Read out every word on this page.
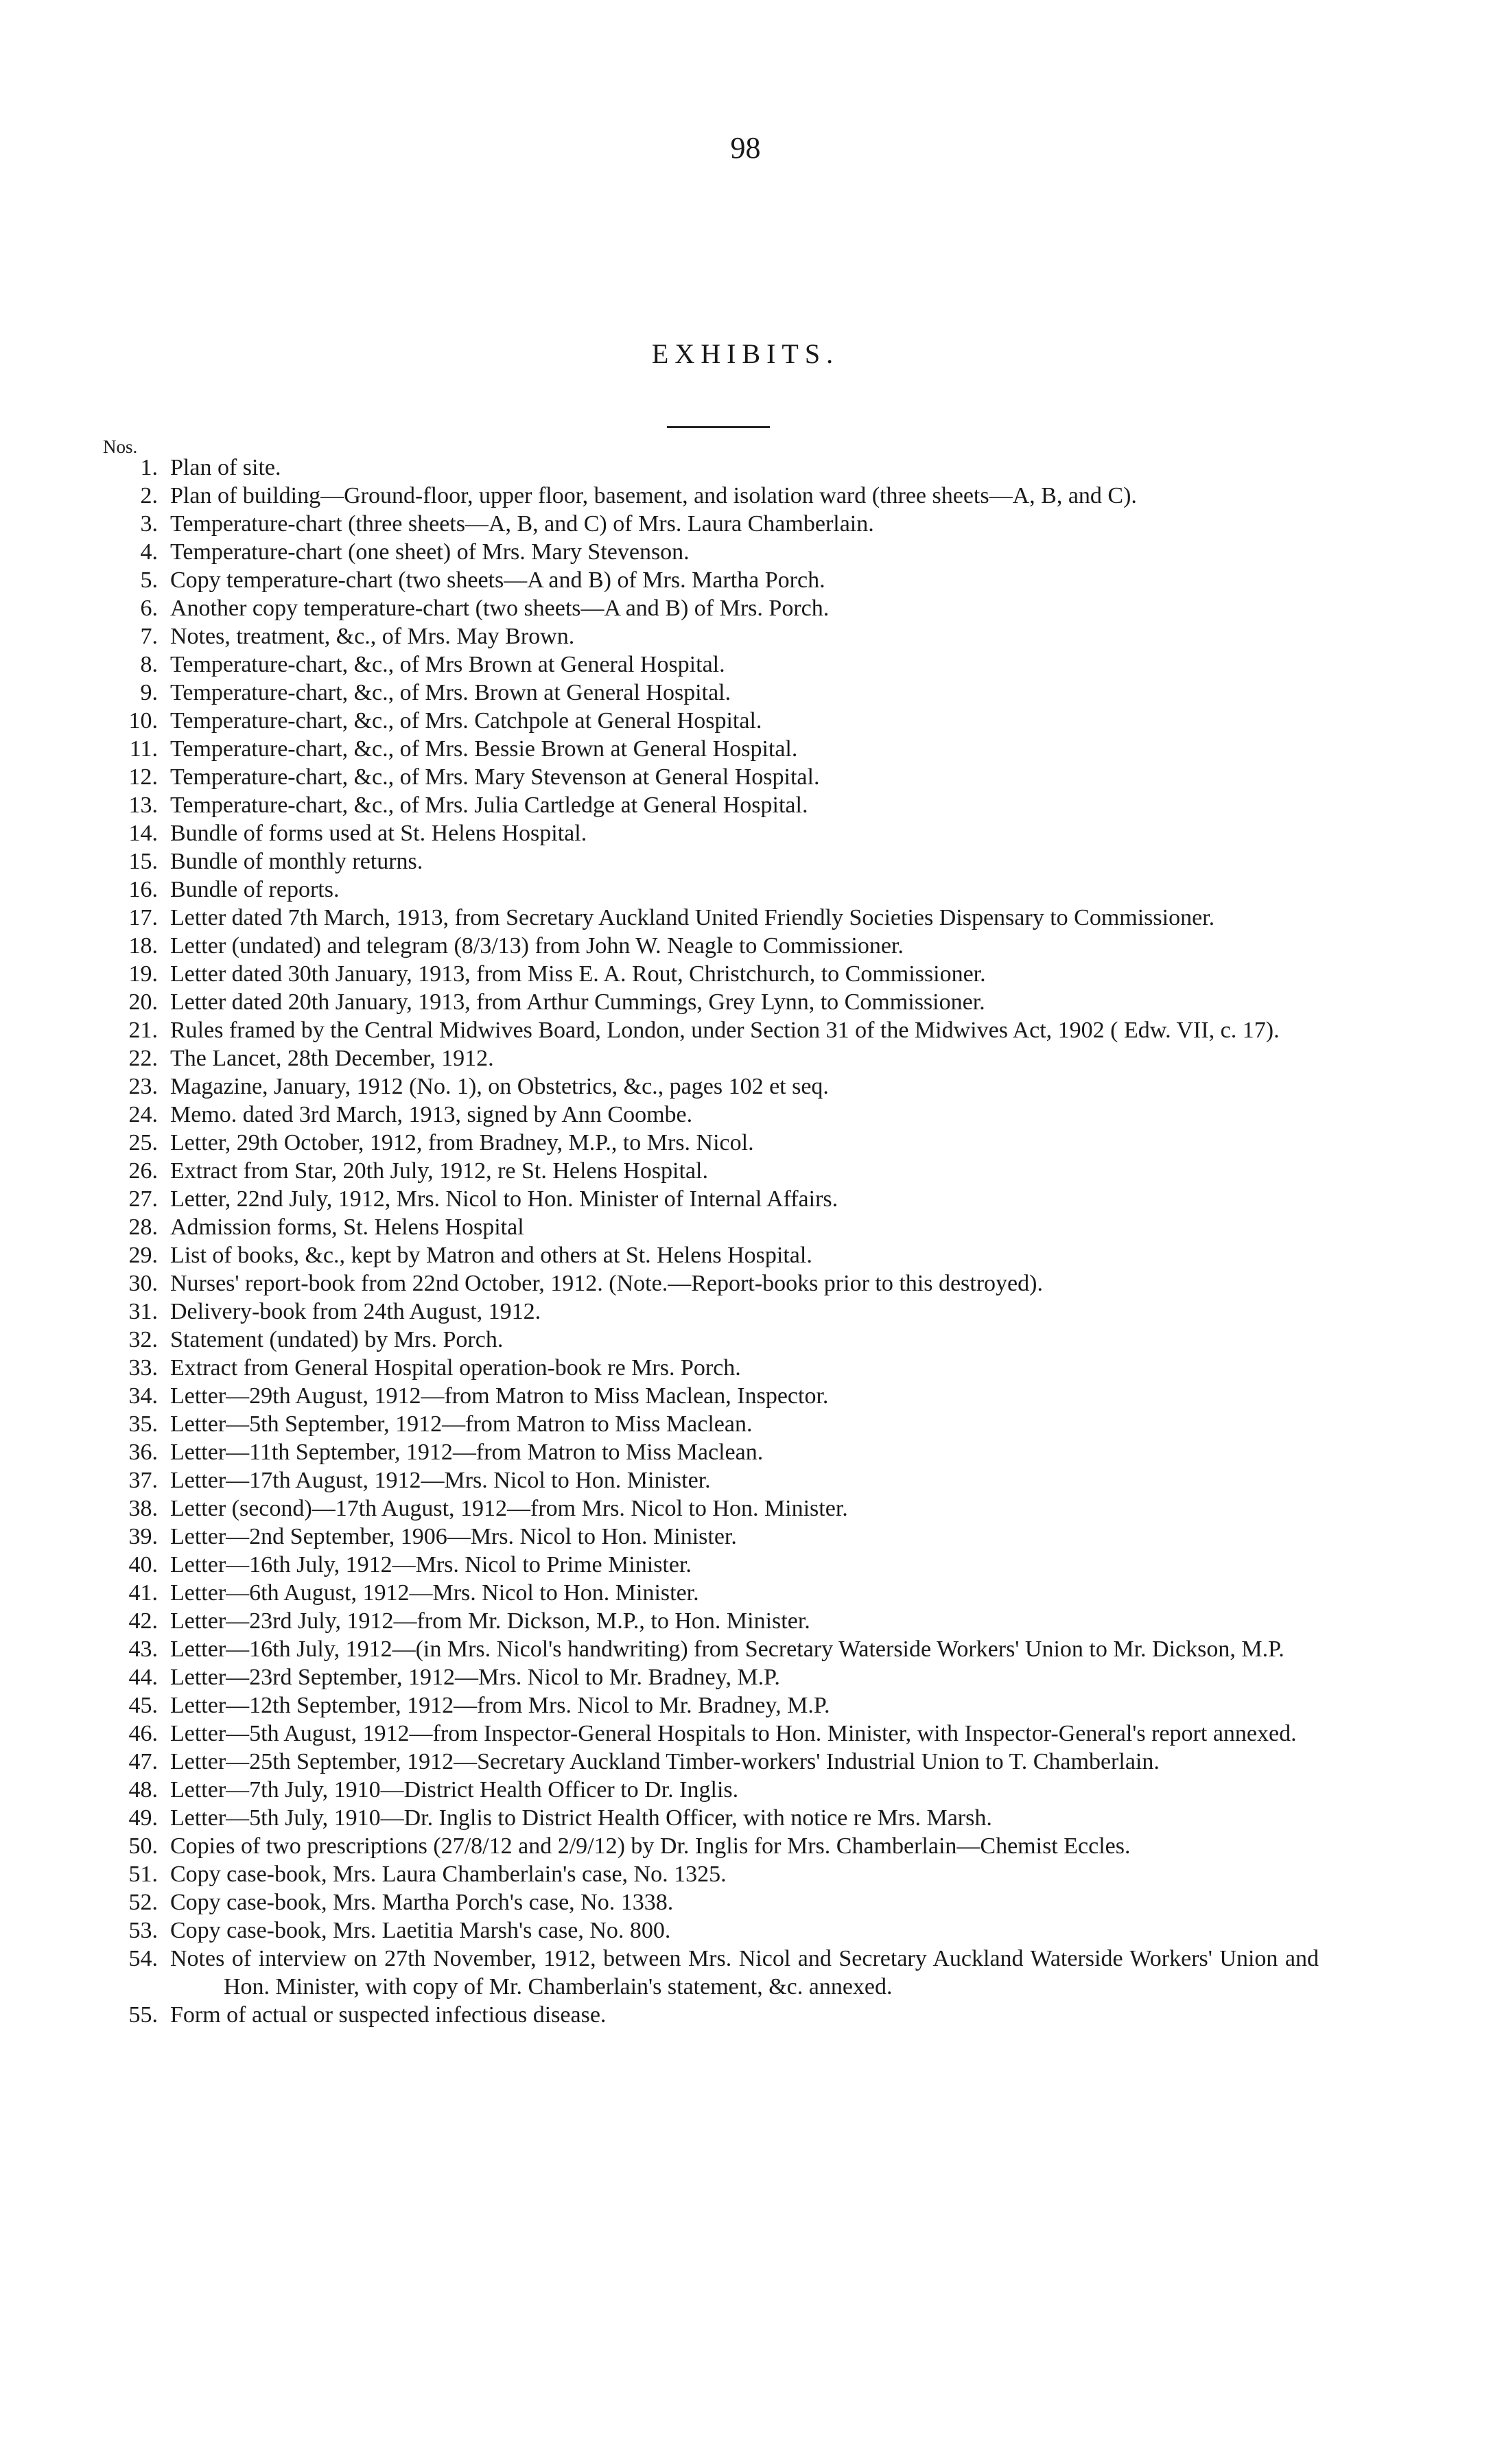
98
EXHIBITS.
Nos.
1. Plan of site.
2. Plan of building—Ground-floor, upper floor, basement, and isolation ward (three sheets—A, B, and C).
3. Temperature-chart (three sheets—A, B, and C) of Mrs. Laura Chamberlain.
4. Temperature-chart (one sheet) of Mrs. Mary Stevenson.
5. Copy temperature-chart (two sheets—A and B) of Mrs. Martha Porch.
6. Another copy temperature-chart (two sheets—A and B) of Mrs. Porch.
7. Notes, treatment, &c., of Mrs. May Brown.
8. Temperature-chart, &c., of Mrs Brown at General Hospital.
9. Temperature-chart, &c., of Mrs. Brown at General Hospital.
10. Temperature-chart, &c., of Mrs. Catchpole at General Hospital.
11. Temperature-chart, &c., of Mrs. Bessie Brown at General Hospital.
12. Temperature-chart, &c., of Mrs. Mary Stevenson at General Hospital.
13. Temperature-chart, &c., of Mrs. Julia Cartledge at General Hospital.
14. Bundle of forms used at St. Helens Hospital.
15. Bundle of monthly returns.
16. Bundle of reports.
17. Letter dated 7th March, 1913, from Secretary Auckland United Friendly Societies Dispensary to Commissioner.
18. Letter (undated) and telegram (8/3/13) from John W. Neagle to Commissioner.
19. Letter dated 30th January, 1913, from Miss E. A. Rout, Christchurch, to Commissioner.
20. Letter dated 20th January, 1913, from Arthur Cummings, Grey Lynn, to Commissioner.
21. Rules framed by the Central Midwives Board, London, under Section 31 of the Midwives Act, 1902 ( Edw. VII, c. 17).
22. The Lancet, 28th December, 1912.
23. Magazine, January, 1912 (No. 1), on Obstetrics, &c., pages 102 et seq.
24. Memo. dated 3rd March, 1913, signed by Ann Coombe.
25. Letter, 29th October, 1912, from Bradney, M.P., to Mrs. Nicol.
26. Extract from Star, 20th July, 1912, re St. Helens Hospital.
27. Letter, 22nd July, 1912, Mrs. Nicol to Hon. Minister of Internal Affairs.
28. Admission forms, St. Helens Hospital
29. List of books, &c., kept by Matron and others at St. Helens Hospital.
30. Nurses' report-book from 22nd October, 1912. (Note.—Report-books prior to this destroyed).
31. Delivery-book from 24th August, 1912.
32. Statement (undated) by Mrs. Porch.
33. Extract from General Hospital operation-book re Mrs. Porch.
34. Letter—29th August, 1912—from Matron to Miss Maclean, Inspector.
35. Letter—5th September, 1912—from Matron to Miss Maclean.
36. Letter—11th September, 1912—from Matron to Miss Maclean.
37. Letter—17th August, 1912—Mrs. Nicol to Hon. Minister.
38. Letter (second)—17th August, 1912—from Mrs. Nicol to Hon. Minister.
39. Letter—2nd September, 1906—Mrs. Nicol to Hon. Minister.
40. Letter—16th July, 1912—Mrs. Nicol to Prime Minister.
41. Letter—6th August, 1912—Mrs. Nicol to Hon. Minister.
42. Letter—23rd July, 1912—from Mr. Dickson, M.P., to Hon. Minister.
43. Letter—16th July, 1912—(in Mrs. Nicol's handwriting) from Secretary Waterside Workers' Union to Mr. Dickson, M.P.
44. Letter—23rd September, 1912—Mrs. Nicol to Mr. Bradney, M.P.
45. Letter—12th September, 1912—from Mrs. Nicol to Mr. Bradney, M.P.
46. Letter—5th August, 1912—from Inspector-General Hospitals to Hon. Minister, with Inspector-General's report annexed.
47. Letter—25th September, 1912—Secretary Auckland Timber-workers' Industrial Union to T. Chamberlain.
48. Letter—7th July, 1910—District Health Officer to Dr. Inglis.
49. Letter—5th July, 1910—Dr. Inglis to District Health Officer, with notice re Mrs. Marsh.
50. Copies of two prescriptions (27/8/12 and 2/9/12) by Dr. Inglis for Mrs. Chamberlain—Chemist Eccles.
51. Copy case-book, Mrs. Laura Chamberlain's case, No. 1325.
52. Copy case-book, Mrs. Martha Porch's case, No. 1338.
53. Copy case-book, Mrs. Laetitia Marsh's case, No. 800.
54. Notes of interview on 27th November, 1912, between Mrs. Nicol and Secretary Auckland Waterside Workers' Union and Hon. Minister, with copy of Mr. Chamberlain's statement, &c. annexed.
55. Form of actual or suspected infectious disease.
